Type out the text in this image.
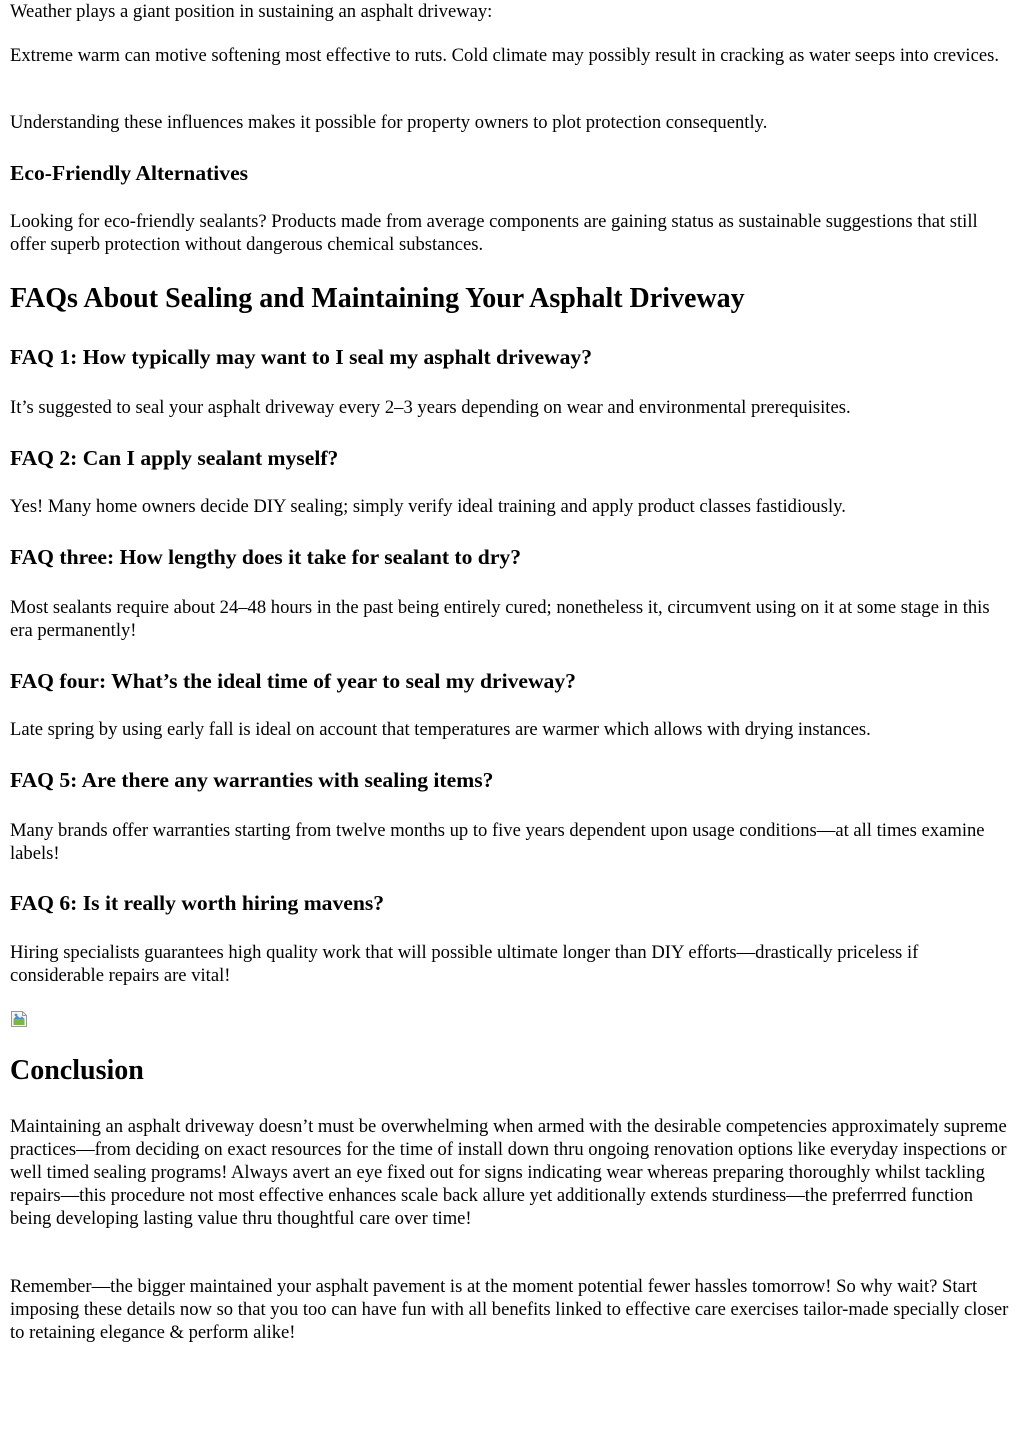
Weather plays a giant position in sustaining an asphalt driveway:

Extreme warm can motive softening most effective to ruts. Cold climate may possibly result in cracking as water seeps into crevices.

Understanding these influences makes it possible for property owners to plot protection consequently.

Eco-Friendly Alternatives

Looking for eco-friendly sealants? Products made from average components are gaining status as sustainable suggestions that still offer superb protection without dangerous chemical substances.

FAQs About Sealing and Maintaining Your Asphalt Driveway
FAQ 1: How typically may want to I seal my asphalt driveway?

It’s suggested to seal your asphalt driveway every 2–3 years depending on wear and environmental prerequisites.

FAQ 2: Can I apply sealant myself?

Yes! Many home owners decide DIY sealing; simply verify ideal training and apply product classes fastidiously.

FAQ three: How lengthy does it take for sealant to dry?

Most sealants require about 24–48 hours in the past being entirely cured; nonetheless it, circumvent using on it at some stage in this era permanently!

FAQ four: What’s the ideal time of year to seal my driveway?

Late spring by using early fall is ideal on account that temperatures are warmer which allows with drying instances.

FAQ 5: Are there any warranties with sealing items?

Many brands offer warranties starting from twelve months up to five years dependent upon usage conditions—at all times examine labels!

FAQ 6: Is it really worth hiring mavens?

Hiring specialists guarantees high quality work that will possible ultimate longer than DIY efforts—drastically priceless if considerable repairs are vital!

Conclusion

Maintaining an asphalt driveway doesn’t must be overwhelming when armed with the desirable competencies approximately supreme practices—from deciding on exact resources for the time of install down thru ongoing renovation options like everyday inspections or well timed sealing programs! Always avert an eye fixed out for signs indicating wear whereas preparing thoroughly whilst tackling repairs—this procedure not most effective enhances scale back allure yet additionally extends sturdiness—the preferrred function being developing lasting value thru thoughtful care over time!

Remember—the bigger maintained your asphalt pavement is at the moment potential fewer hassles tomorrow! So why wait? Start imposing these details now so that you too can have fun with all benefits linked to effective care exercises tailor-made specially closer to retaining elegance & perform alike!
